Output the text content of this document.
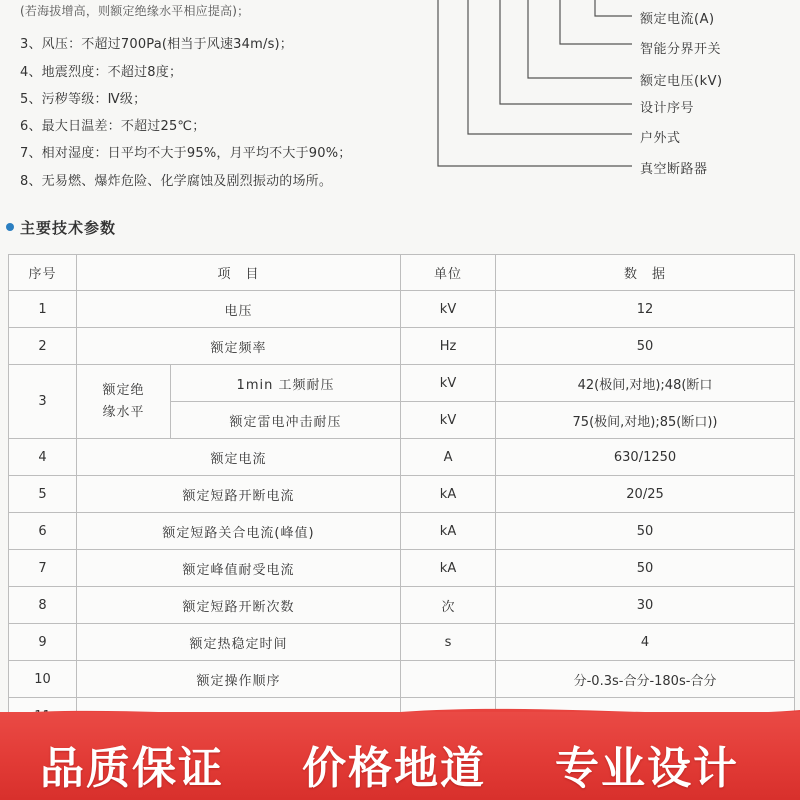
(若海拔增高，则额定绝缘水平相应提高)；
3、风压：不超过700Pa(相当于风速34m/s)；
4、地震烈度：不超过8度；
5、污秽等级：Ⅳ级；
6、最大日温差：不超过25℃；
7、相对湿度：日平均不大于95%，月平均不大于90%；
8、无易燃、爆炸危险、化学腐蚀及剧烈振动的场所。
额定电流(A)
智能分界开关
额定电压(kV)
设计序号
户外式
真空断路器
主要技术参数
序号	项　目		单位	数　据
1	电压		kV	12
2	额定频率		Hz	50
3	额定绝缘水平	1min 工频耐压	kV	42(极间,对地);48(断口
		额定雷电冲击耐压	kV	75(极间,对地);85(断口))
4	额定电流		A	630/1250
5	额定短路开断电流		kA	20/25
6	额定短路关合电流(峰值)		kA	50
7	额定峰值耐受电流		kA	50
8	额定短路开断次数		次	30
9	额定热稳定时间		s	4
10	额定操作顺序			分-0.3s-合分-180s-合分

品质保证 价格地道 专业设计
